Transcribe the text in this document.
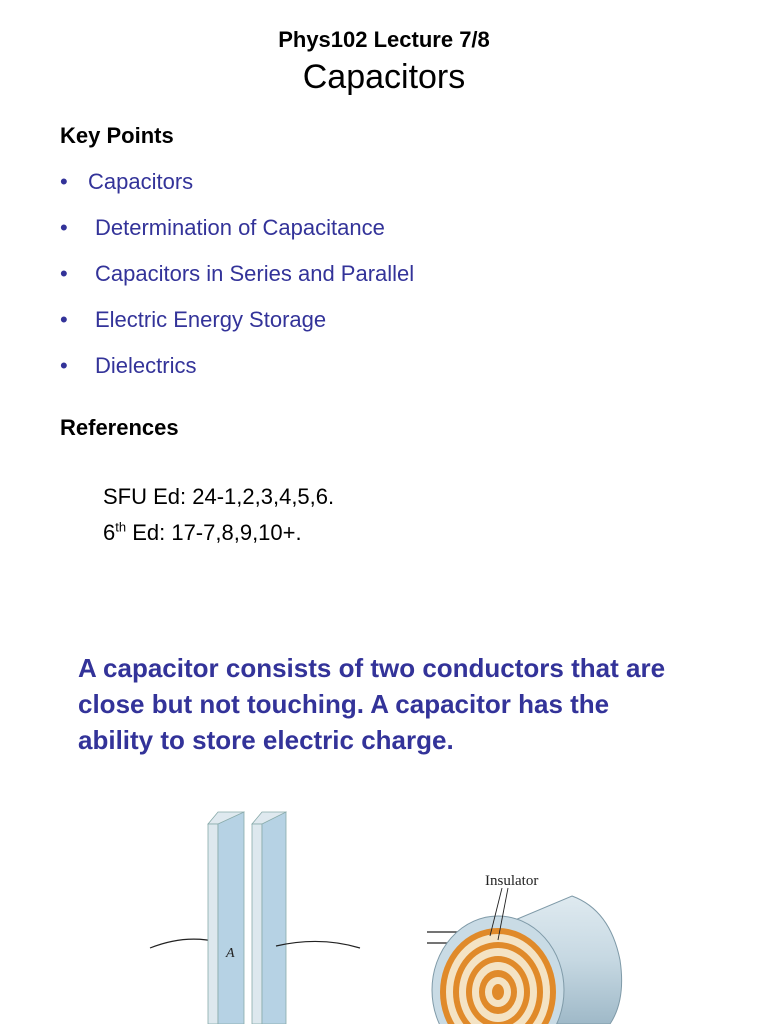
Phys102 Lecture 7/8
Capacitors
Key Points
• Capacitors
• Determination of Capacitance
• Capacitors in Series and Parallel
• Electric Energy Storage
• Dielectrics
References
SFU Ed: 24-1,2,3,4,5,6.
6th Ed: 17-7,8,9,10+.
A capacitor consists of two conductors that are close but not touching. A capacitor has the ability to store electric charge.
A
Insulator
